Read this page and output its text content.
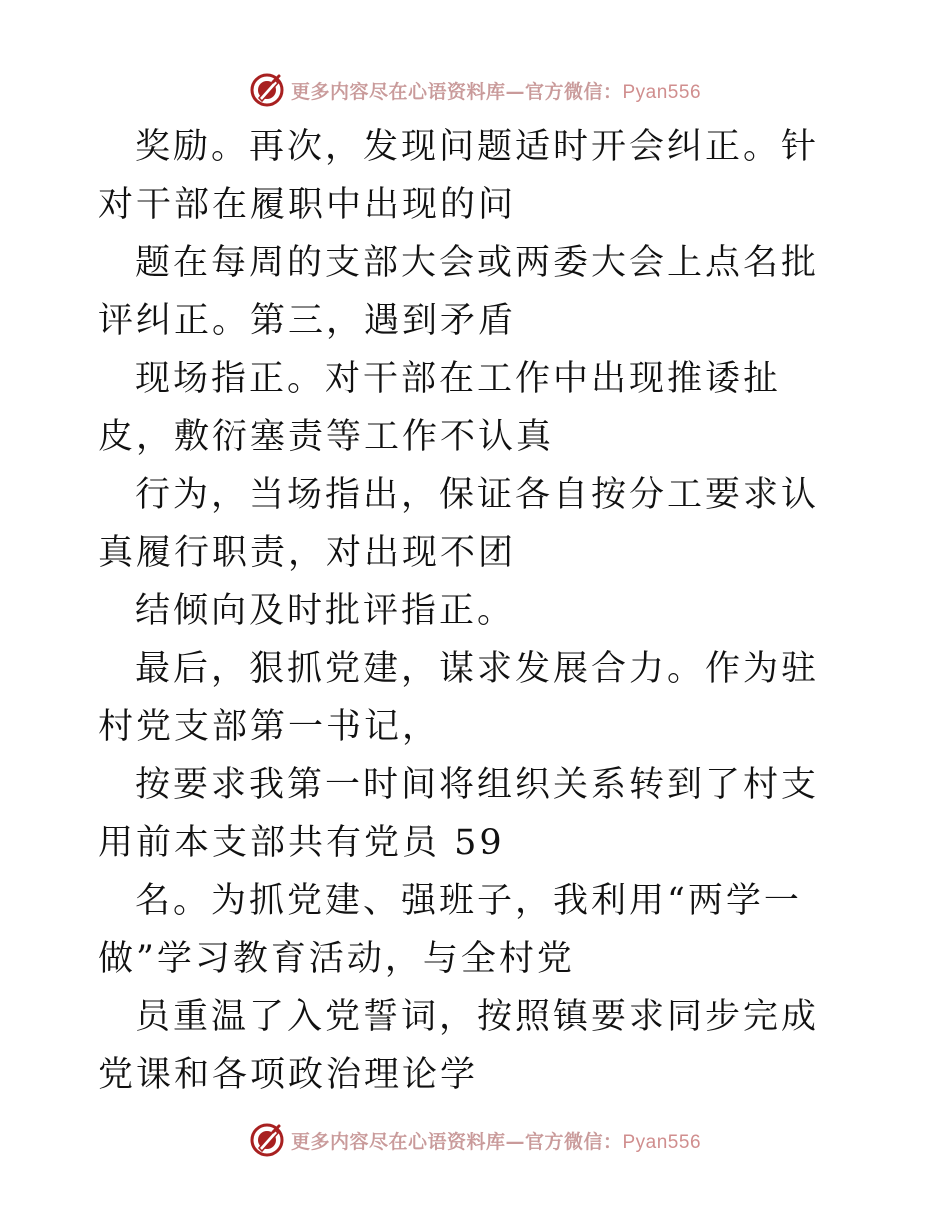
更多内容尽在心语资料库—官方微信：Pyan556

奖励。再次，发现问题适时开会纠正。针对干部在履职中出现的问

题在每周的支部大会或两委大会上点名批评纠正。第三，遇到矛盾

现场指正。对干部在工作中出现推诿扯皮，敷衍塞责等工作不认真

行为，当场指出，保证各自按分工要求认真履行职责，对出现不团

结倾向及时批评指正。

最后，狠抓党建，谋求发展合力。作为驻村党支部第一书记，

按要求我第一时间将组织关系转到了村支用前本支部共有党员 59

名。为抓党建、强班子，我利用“两学一做”学习教育活动，与全村党

员重温了入党誓词，按照镇要求同步完成党课和各项政治理论学

更多内容尽在心语资料库—官方微信：Pyan556
